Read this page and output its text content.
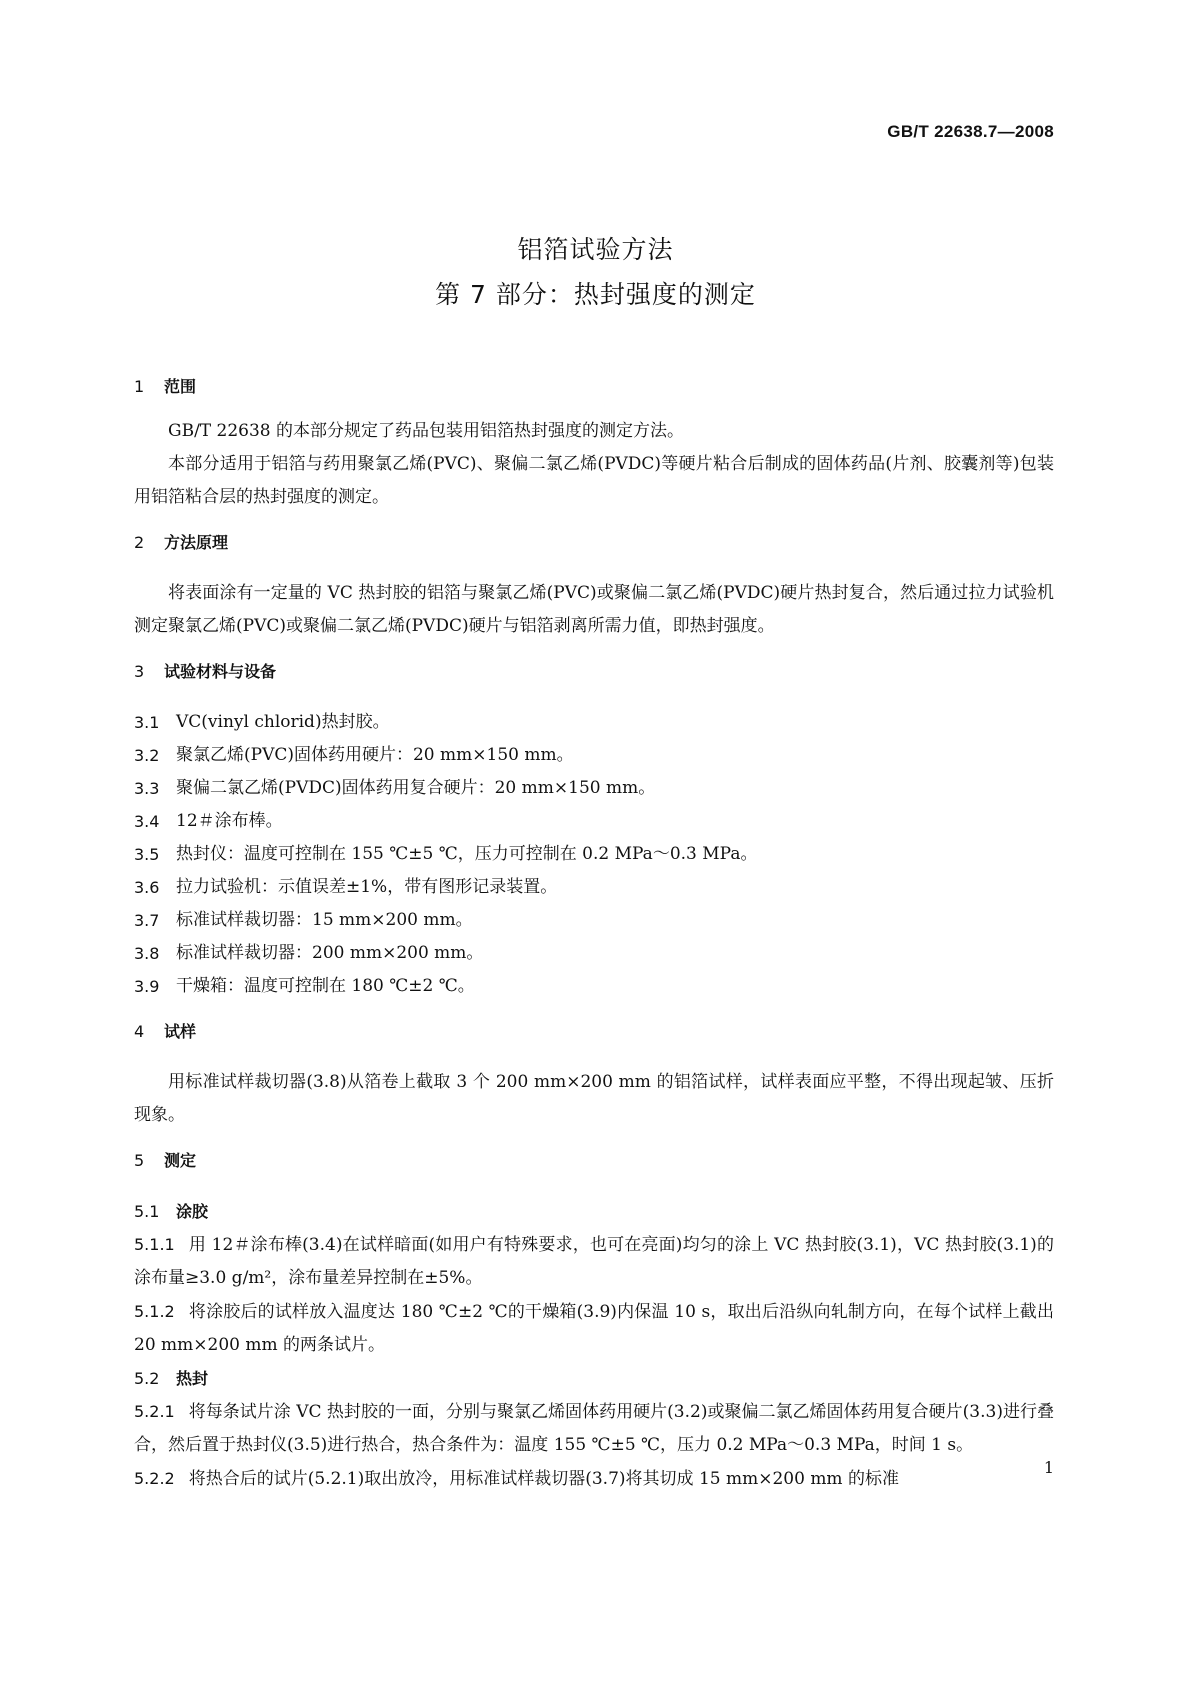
GB/T 22638.7—2008
铝箔试验方法
第 7 部分：热封强度的测定
1	范围
GB/T 22638 的本部分规定了药品包装用铝箔热封强度的测定方法。
本部分适用于铝箔与药用聚氯乙烯(PVC)、聚偏二氯乙烯(PVDC)等硬片粘合后制成的固体药品(片剂、胶囊剂等)包装用铝箔粘合层的热封强度的测定。
2	方法原理
将表面涂有一定量的 VC 热封胶的铝箔与聚氯乙烯(PVC)或聚偏二氯乙烯(PVDC)硬片热封复合，然后通过拉力试验机测定聚氯乙烯(PVC)或聚偏二氯乙烯(PVDC)硬片与铝箔剥离所需力值，即热封强度。
3	试验材料与设备
3.1 VC(vinyl chlorid)热封胶。
3.2 聚氯乙烯(PVC)固体药用硬片：20 mm×150 mm。
3.3 聚偏二氯乙烯(PVDC)固体药用复合硬片：20 mm×150 mm。
3.4 12＃涂布棒。
3.5 热封仪：温度可控制在 155 ℃±5 ℃，压力可控制在 0.2 MPa～0.3 MPa。
3.6 拉力试验机：示值误差±1%，带有图形记录装置。
3.7 标准试样裁切器：15 mm×200 mm。
3.8 标准试样裁切器：200 mm×200 mm。
3.9 干燥箱：温度可控制在 180 ℃±2 ℃。
4	试样
用标准试样裁切器(3.8)从箔卷上截取 3 个 200 mm×200 mm 的铝箔试样，试样表面应平整，不得出现起皱、压折现象。
5	测定
5.1 涂胶
5.1.1 用 12＃涂布棒(3.4)在试样暗面(如用户有特殊要求，也可在亮面)均匀的涂上 VC 热封胶(3.1)，VC 热封胶(3.1)的涂布量≥3.0 g/m²，涂布量差异控制在±5%。
5.1.2 将涂胶后的试样放入温度达 180 ℃±2 ℃的干燥箱(3.9)内保温 10 s，取出后沿纵向轧制方向，在每个试样上截出 20 mm×200 mm 的两条试片。
5.2 热封
5.2.1 将每条试片涂 VC 热封胶的一面，分别与聚氯乙烯固体药用硬片(3.2)或聚偏二氯乙烯固体药用复合硬片(3.3)进行叠合，然后置于热封仪(3.5)进行热合，热合条件为：温度 155 ℃±5 ℃，压力 0.2 MPa～0.3 MPa，时间 1 s。
5.2.2 将热合后的试片(5.2.1)取出放冷，用标准试样裁切器(3.7)将其切成 15 mm×200 mm 的标准
1
